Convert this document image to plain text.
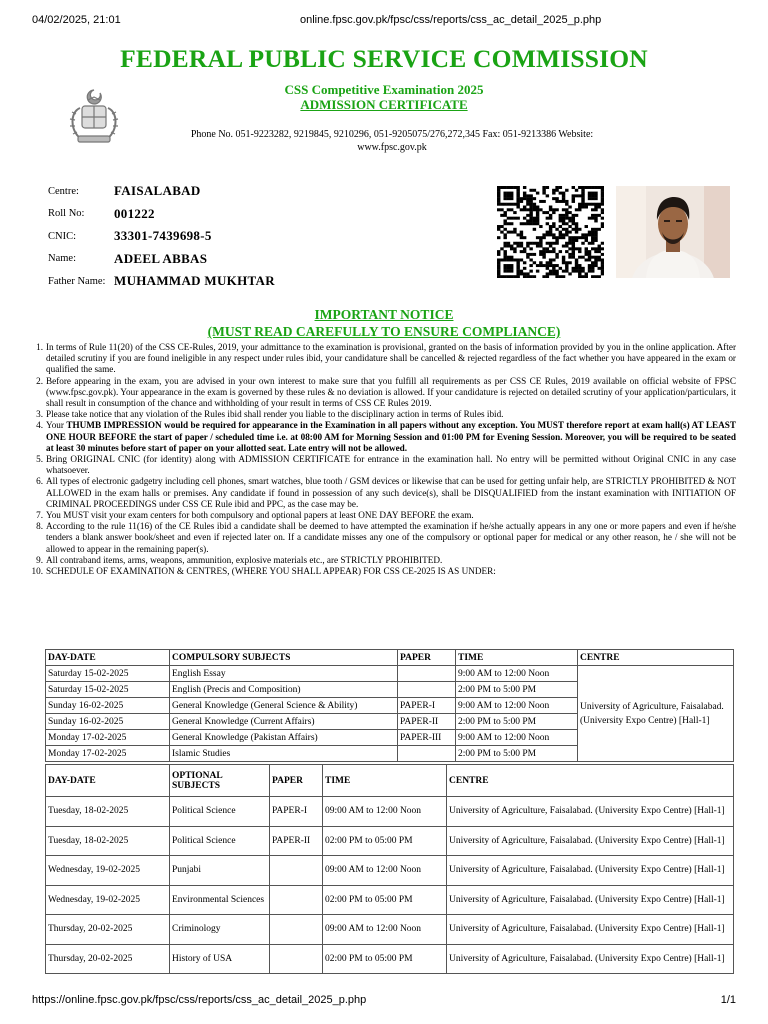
04/02/2025, 21:01	online.fpsc.gov.pk/fpsc/css/reports/css_ac_detail_2025_p.php
FEDERAL PUBLIC SERVICE COMMISSION
CSS Competitive Examination 2025
ADMISSION CERTIFICATE
Phone No. 051-9223282, 9219845, 9210296, 051-9205075/276,272,345 Fax: 051-9213386 Website:
www.fpsc.gov.pk
Centre:	FAISALABAD
Roll No: 001222
CNIC:	33301-7439698-5
Name:	ADEEL ABBAS
Father Name: MUHAMMAD MUKHTAR
IMPORTANT NOTICE
(MUST READ CAREFULLY TO ENSURE COMPLIANCE)
1. In terms of Rule 11(20) of the CSS CE-Rules, 2019, your admittance to the examination is provisional, granted on the basis of information provided by you in the online application. After detailed scrutiny if you are found ineligible in any respect under rules ibid, your candidature shall be cancelled & rejected regardless of the fact whether you have appeared in the exam or qualified the same.
2. Before appearing in the exam, you are advised in your own interest to make sure that you fulfill all requirements as per CSS CE Rules, 2019 available on official website of FPSC (www.fpsc.gov.pk). Your appearance in the exam is governed by these rules & no deviation is allowed. If your candidature is rejected on detailed scrutiny of your application/particulars, it shall result in consumption of the chance and withholding of your result in terms of CSS CE Rules 2019.
3. Please take notice that any violation of the Rules ibid shall render you liable to the disciplinary action in terms of Rules ibid.
4. Your THUMB IMPRESSION would be required for appearance in the Examination in all papers without any exception. You MUST therefore report at exam hall(s) AT LEAST ONE HOUR BEFORE the start of paper / scheduled time i.e. at 08:00 AM for Morning Session and 01:00 PM for Evening Session. Moreover, you will be required to be seated at least 30 minutes before start of paper on your allotted seat. Late entry will not be allowed.
5. Bring ORIGINAL CNIC (for identity) along with ADMISSION CERTIFICATE for entrance in the examination hall. No entry will be permitted without Original CNIC in any case whatsoever.
6. All types of electronic gadgetry including cell phones, smart watches, blue tooth / GSM devices or likewise that can be used for getting unfair help, are STRICTLY PROHIBITED & NOT ALLOWED in the exam halls or premises. Any candidate if found in possession of any such device(s), shall be DISQUALIFIED from the instant examination with INITIATION OF CRIMINAL PROCEEDINGS under CSS CE Rule ibid and PPC, as the case may be.
7. You MUST visit your exam centers for both compulsory and optional papers at least ONE DAY BEFORE the exam.
8. According to the rule 11(16) of the CE Rules ibid a candidate shall be deemed to have attempted the examination if he/she actually appears in any one or more papers and even if he/she tenders a blank answer book/sheet and even if rejected later on. If a candidate misses any one of the compulsory or optional paper for medical or any other reason, he / she will not be allowed to appear in the remaining paper(s).
9. All contraband items, arms, weapons, ammunition, explosive materials etc., are STRICTLY PROHIBITED.
10. SCHEDULE OF EXAMINATION & CENTRES, (WHERE YOU SHALL APPEAR) FOR CSS CE-2025 IS AS UNDER:
DAY-DATE	COMPULSORY SUBJECTS	PAPER	TIME	CENTRE
Saturday 15-02-2025	English Essay		9:00 AM to 12:00 Noon	University of Agriculture, Faisalabad. (University Expo Centre) [Hall-1]
Saturday 15-02-2025	English (Precis and Composition)		2:00 PM to 5:00 PM	
Sunday 16-02-2025	General Knowledge (General Science & Ability)	PAPER-I	9:00 AM to 12:00 Noon	
Sunday 16-02-2025	General Knowledge (Current Affairs)	PAPER-II	2:00 PM to 5:00 PM	
Monday 17-02-2025	General Knowledge (Pakistan Affairs)	PAPER-III	9:00 AM to 12:00 Noon	
Monday 17-02-2025	Islamic Studies		2:00 PM to 5:00 PM	
DAY-DATE	OPTIONAL SUBJECTS	PAPER	TIME	CENTRE
Tuesday, 18-02-2025	Political Science	PAPER-I	09:00 AM to 12:00 Noon	University of Agriculture, Faisalabad. (University Expo Centre) [Hall-1]
Tuesday, 18-02-2025	Political Science	PAPER-II	02:00 PM to 05:00 PM	University of Agriculture, Faisalabad. (University Expo Centre) [Hall-1]
Wednesday, 19-02-2025	Punjabi		09:00 AM to 12:00 Noon	University of Agriculture, Faisalabad. (University Expo Centre) [Hall-1]
Wednesday, 19-02-2025	Environmental Sciences		02:00 PM to 05:00 PM	University of Agriculture, Faisalabad. (University Expo Centre) [Hall-1]
Thursday, 20-02-2025	Criminology		09:00 AM to 12:00 Noon	University of Agriculture, Faisalabad. (University Expo Centre) [Hall-1]
Thursday, 20-02-2025	History of USA		02:00 PM to 05:00 PM	University of Agriculture, Faisalabad. (University Expo Centre) [Hall-1]
https://online.fpsc.gov.pk/fpsc/css/reports/css_ac_detail_2025_p.php	1/1
